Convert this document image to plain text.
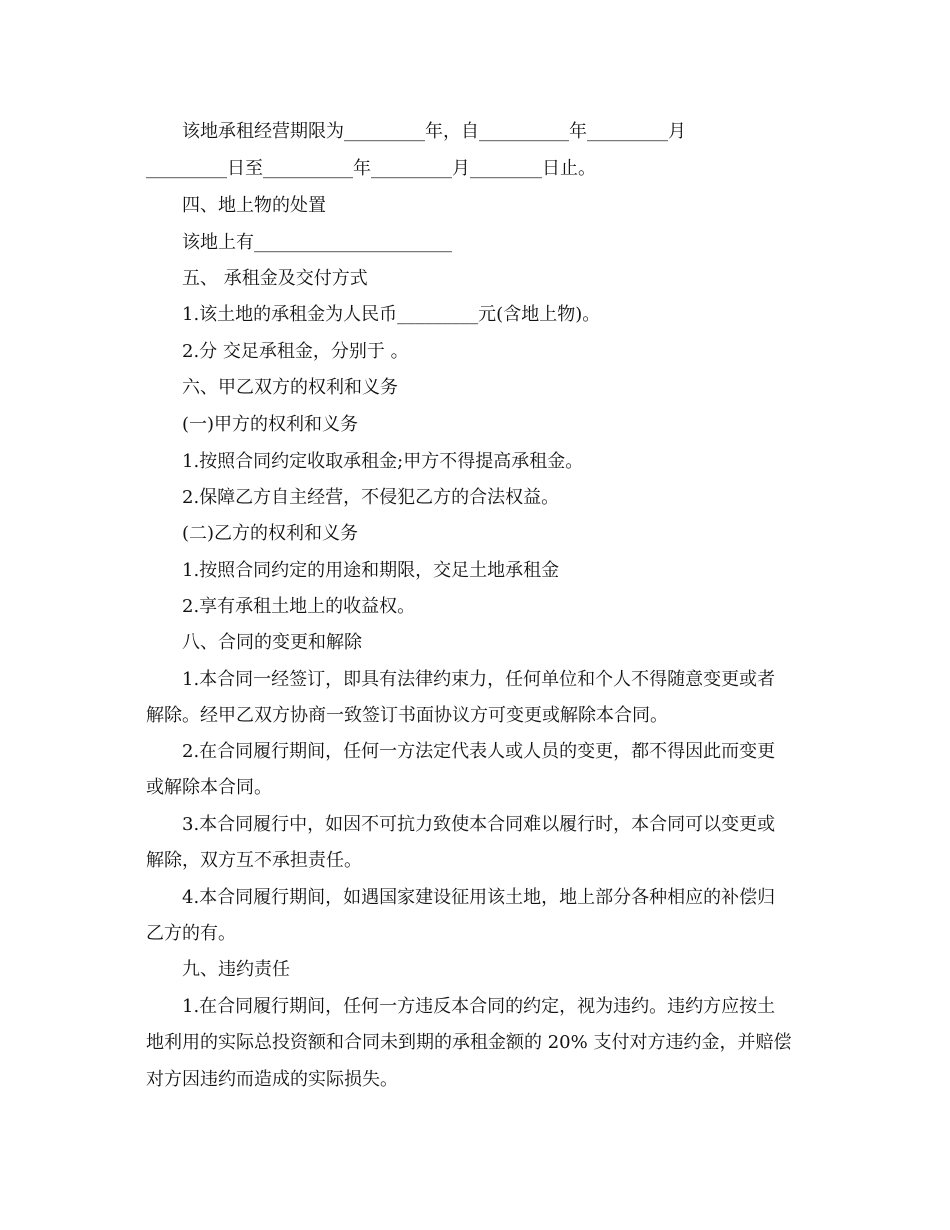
该地承租经营期限为_________年，自__________年_________月
_________日至__________年_________月________日止。
四、地上物的处置
该地上有______________________
五、 承租金及交付方式
1.该土地的承租金为人民币_________元(含地上物)。
2.分 交足承租金，分别于 。
六、甲乙双方的权利和义务
(一)甲方的权利和义务
1.按照合同约定收取承租金;甲方不得提高承租金。
2.保障乙方自主经营，不侵犯乙方的合法权益。
(二)乙方的权利和义务
1.按照合同约定的用途和期限，交足土地承租金
2.享有承租土地上的收益权。
八、合同的变更和解除
1.本合同一经签订，即具有法律约束力，任何单位和个人不得随意变更或者
解除。经甲乙双方协商一致签订书面协议方可变更或解除本合同。
2.在合同履行期间，任何一方法定代表人或人员的变更，都不得因此而变更
或解除本合同。
3.本合同履行中，如因不可抗力致使本合同难以履行时，本合同可以变更或
解除，双方互不承担责任。
4.本合同履行期间，如遇国家建设征用该土地，地上部分各种相应的补偿归
乙方的有。
九、违约责任
1.在合同履行期间，任何一方违反本合同的约定，视为违约。违约方应按土
地利用的实际总投资额和合同未到期的承租金额的 20% 支付对方违约金，并赔偿
对方因违约而造成的实际损失。
